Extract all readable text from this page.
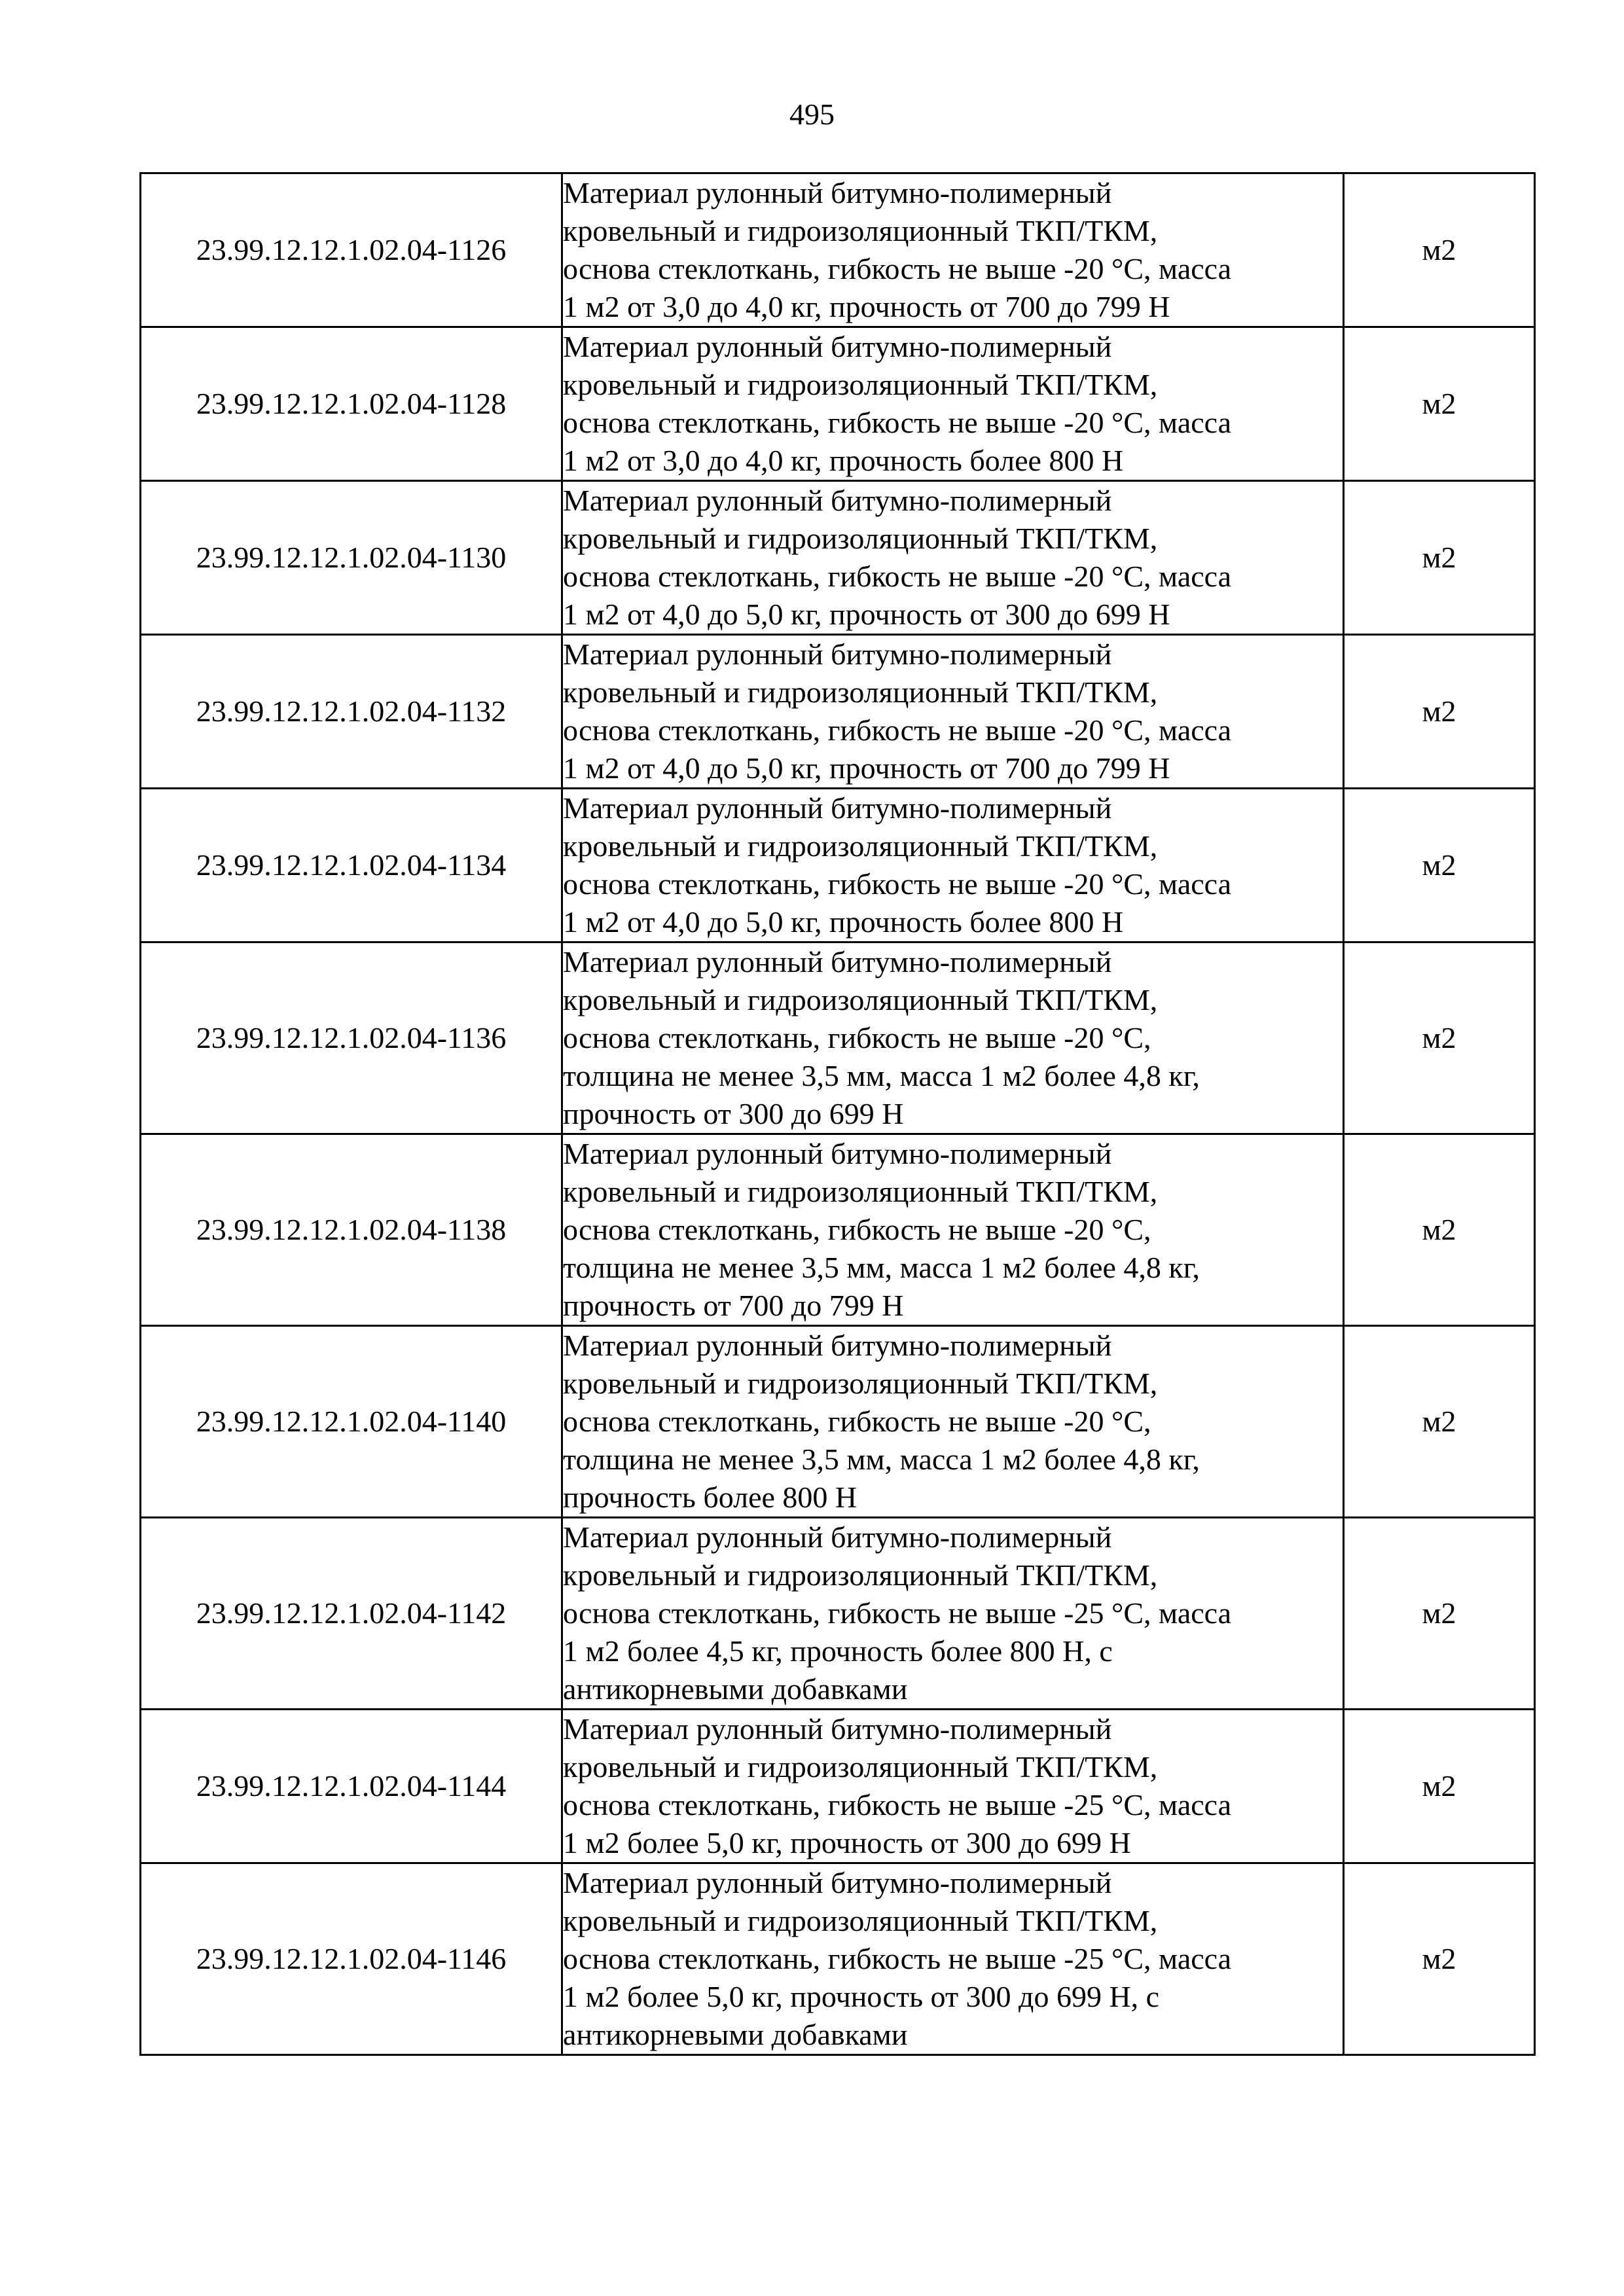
495
23.99.12.12.1.02.04-1126	Материал рулонный битумно-полимерный
кровельный и гидроизоляционный ТКП/ТКМ,
основа стеклоткань, гибкость не выше -20 °С, масса
1 м2 от 3,0 до 4,0 кг, прочность от 700 до 799 Н	м2
23.99.12.12.1.02.04-1128	Материал рулонный битумно-полимерный
кровельный и гидроизоляционный ТКП/ТКМ,
основа стеклоткань, гибкость не выше -20 °С, масса
1 м2 от 3,0 до 4,0 кг, прочность более 800 Н	м2
23.99.12.12.1.02.04-1130	Материал рулонный битумно-полимерный
кровельный и гидроизоляционный ТКП/ТКМ,
основа стеклоткань, гибкость не выше -20 °С, масса
1 м2 от 4,0 до 5,0 кг, прочность от 300 до 699 Н	м2
23.99.12.12.1.02.04-1132	Материал рулонный битумно-полимерный
кровельный и гидроизоляционный ТКП/ТКМ,
основа стеклоткань, гибкость не выше -20 °С, масса
1 м2 от 4,0 до 5,0 кг, прочность от 700 до 799 Н	м2
23.99.12.12.1.02.04-1134	Материал рулонный битумно-полимерный
кровельный и гидроизоляционный ТКП/ТКМ,
основа стеклоткань, гибкость не выше -20 °С, масса
1 м2 от 4,0 до 5,0 кг, прочность более 800 Н	м2
23.99.12.12.1.02.04-1136	Материал рулонный битумно-полимерный
кровельный и гидроизоляционный ТКП/ТКМ,
основа стеклоткань, гибкость не выше -20 °С,
толщина не менее 3,5 мм, масса 1 м2 более 4,8 кг,
прочность от 300 до 699 Н	м2
23.99.12.12.1.02.04-1138	Материал рулонный битумно-полимерный
кровельный и гидроизоляционный ТКП/ТКМ,
основа стеклоткань, гибкость не выше -20 °С,
толщина не менее 3,5 мм, масса 1 м2 более 4,8 кг,
прочность от 700 до 799 Н	м2
23.99.12.12.1.02.04-1140	Материал рулонный битумно-полимерный
кровельный и гидроизоляционный ТКП/ТКМ,
основа стеклоткань, гибкость не выше -20 °С,
толщина не менее 3,5 мм, масса 1 м2 более 4,8 кг,
прочность более 800 Н	м2
23.99.12.12.1.02.04-1142	Материал рулонный битумно-полимерный
кровельный и гидроизоляционный ТКП/ТКМ,
основа стеклоткань, гибкость не выше -25 °С, масса
1 м2 более 4,5 кг, прочность более 800 Н, с
антикорневыми добавками	м2
23.99.12.12.1.02.04-1144	Материал рулонный битумно-полимерный
кровельный и гидроизоляционный ТКП/ТКМ,
основа стеклоткань, гибкость не выше -25 °С, масса
1 м2 более 5,0 кг, прочность от 300 до 699 Н	м2
23.99.12.12.1.02.04-1146	Материал рулонный битумно-полимерный
кровельный и гидроизоляционный ТКП/ТКМ,
основа стеклоткань, гибкость не выше -25 °С, масса
1 м2 более 5,0 кг, прочность от 300 до 699 Н, с
антикорневыми добавками	м2
